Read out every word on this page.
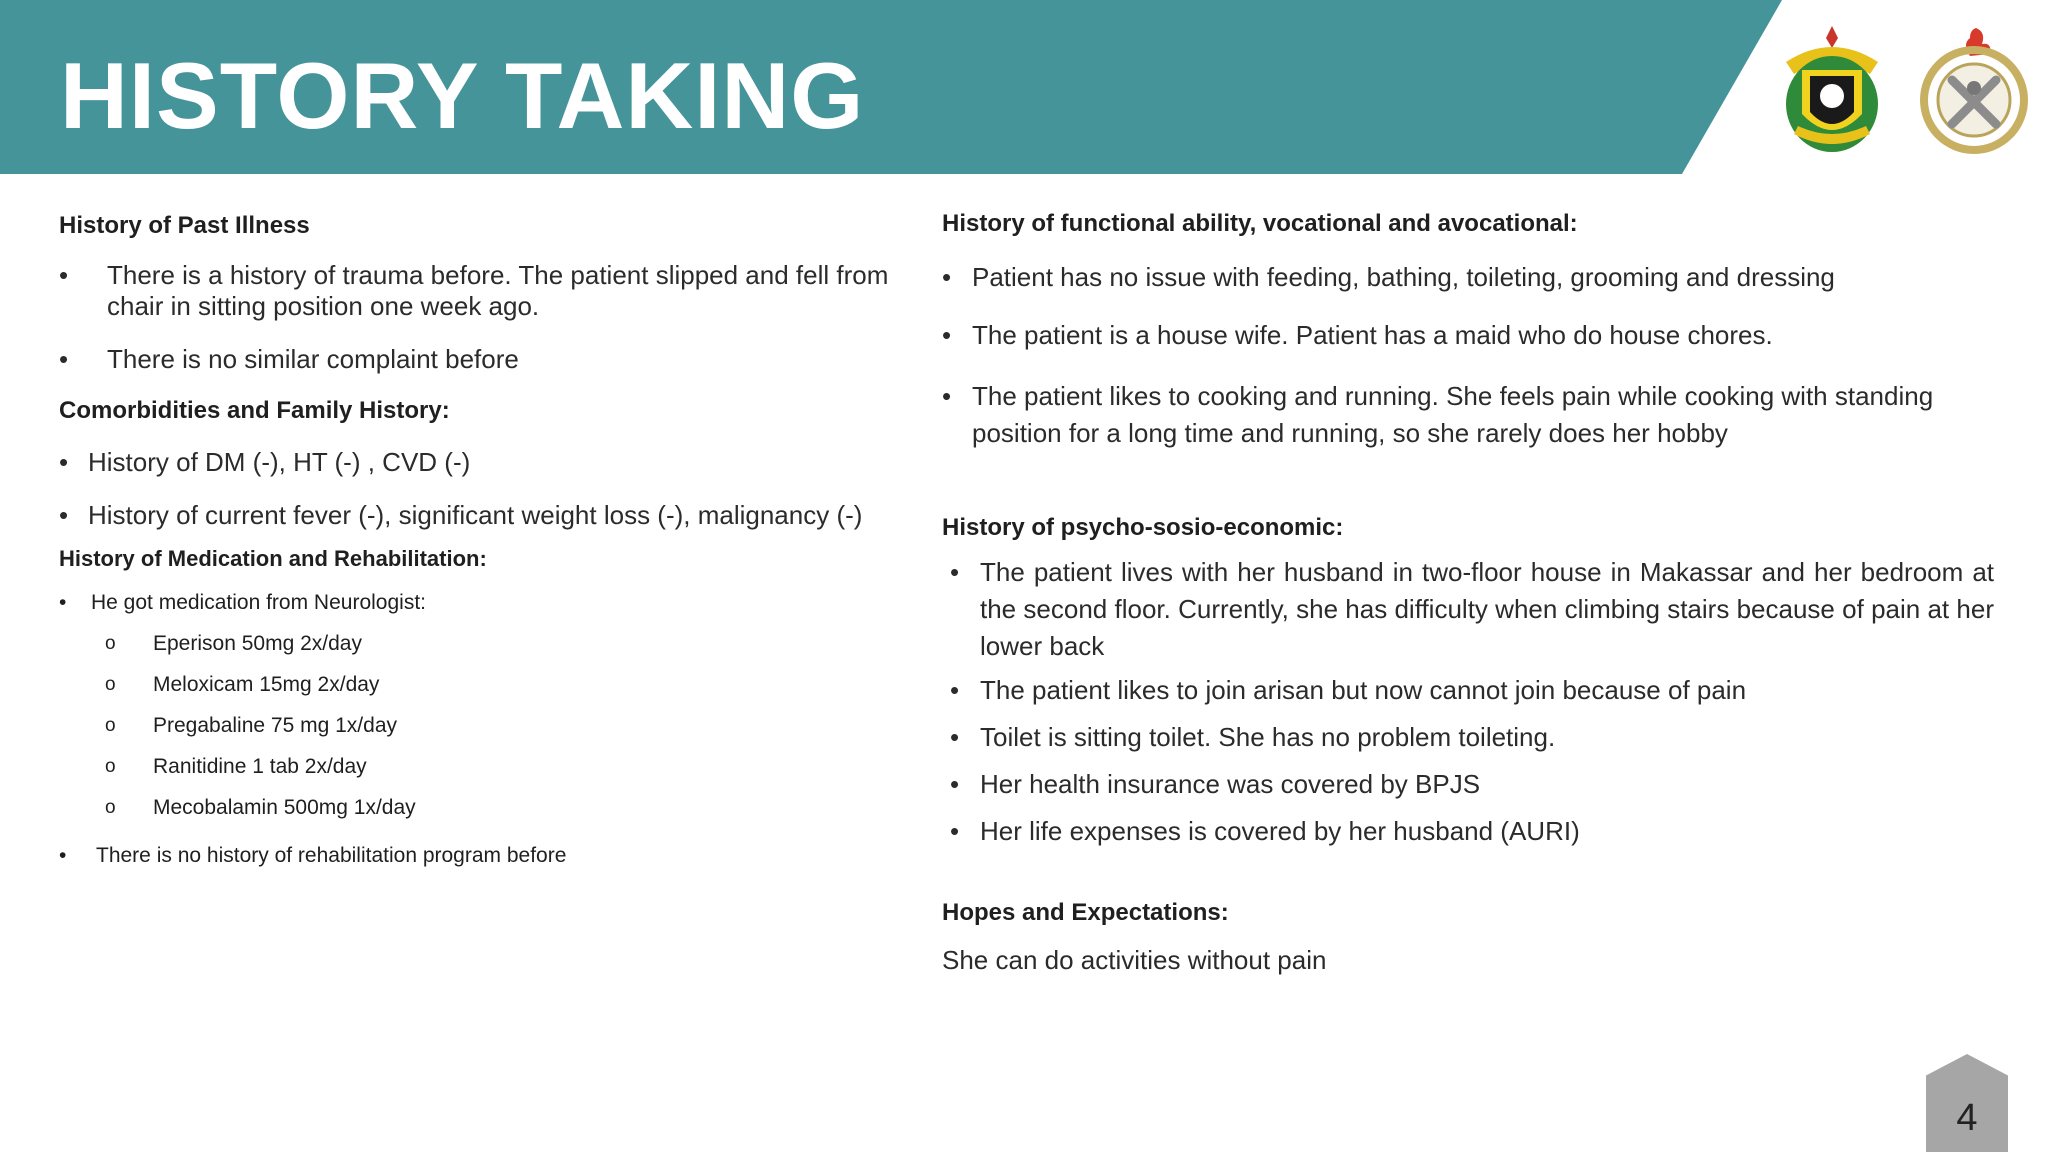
HISTORY TAKING
History of Past Illness
• There is a history of trauma before. The patient slipped and fell from chair in sitting position one week ago.
• There is no similar complaint before
Comorbidities and Family History:
• History of DM (-), HT (-) , CVD (-)
• History of current fever (-), significant weight loss (-), malignancy (-)
History of Medication and Rehabilitation:
• He got medication from Neurologist:
o Eperison 50mg 2x/day
o Meloxicam 15mg 2x/day
o Pregabaline 75 mg 1x/day
o Ranitidine 1 tab 2x/day
o Mecobalamin 500mg 1x/day
• There is no history of rehabilitation program before
History of functional ability, vocational and avocational:
• Patient has no issue with feeding, bathing, toileting, grooming and dressing
• The patient is a house wife. Patient has a maid who do house chores.
• The patient likes to cooking and running. She feels pain while cooking with standing position for a long time and running, so she rarely does her hobby
History of psycho-sosio-economic:
• The patient lives with her husband in two-floor house in Makassar and her bedroom at the second floor. Currently, she has difficulty when climbing stairs because of pain at her lower back
• The patient likes to join arisan but now cannot join because of pain
• Toilet is sitting toilet. She has no problem toileting.
• Her health insurance was covered by BPJS
• Her life expenses is covered by her husband (AURI)
Hopes and Expectations:
She can do activities without pain
4
